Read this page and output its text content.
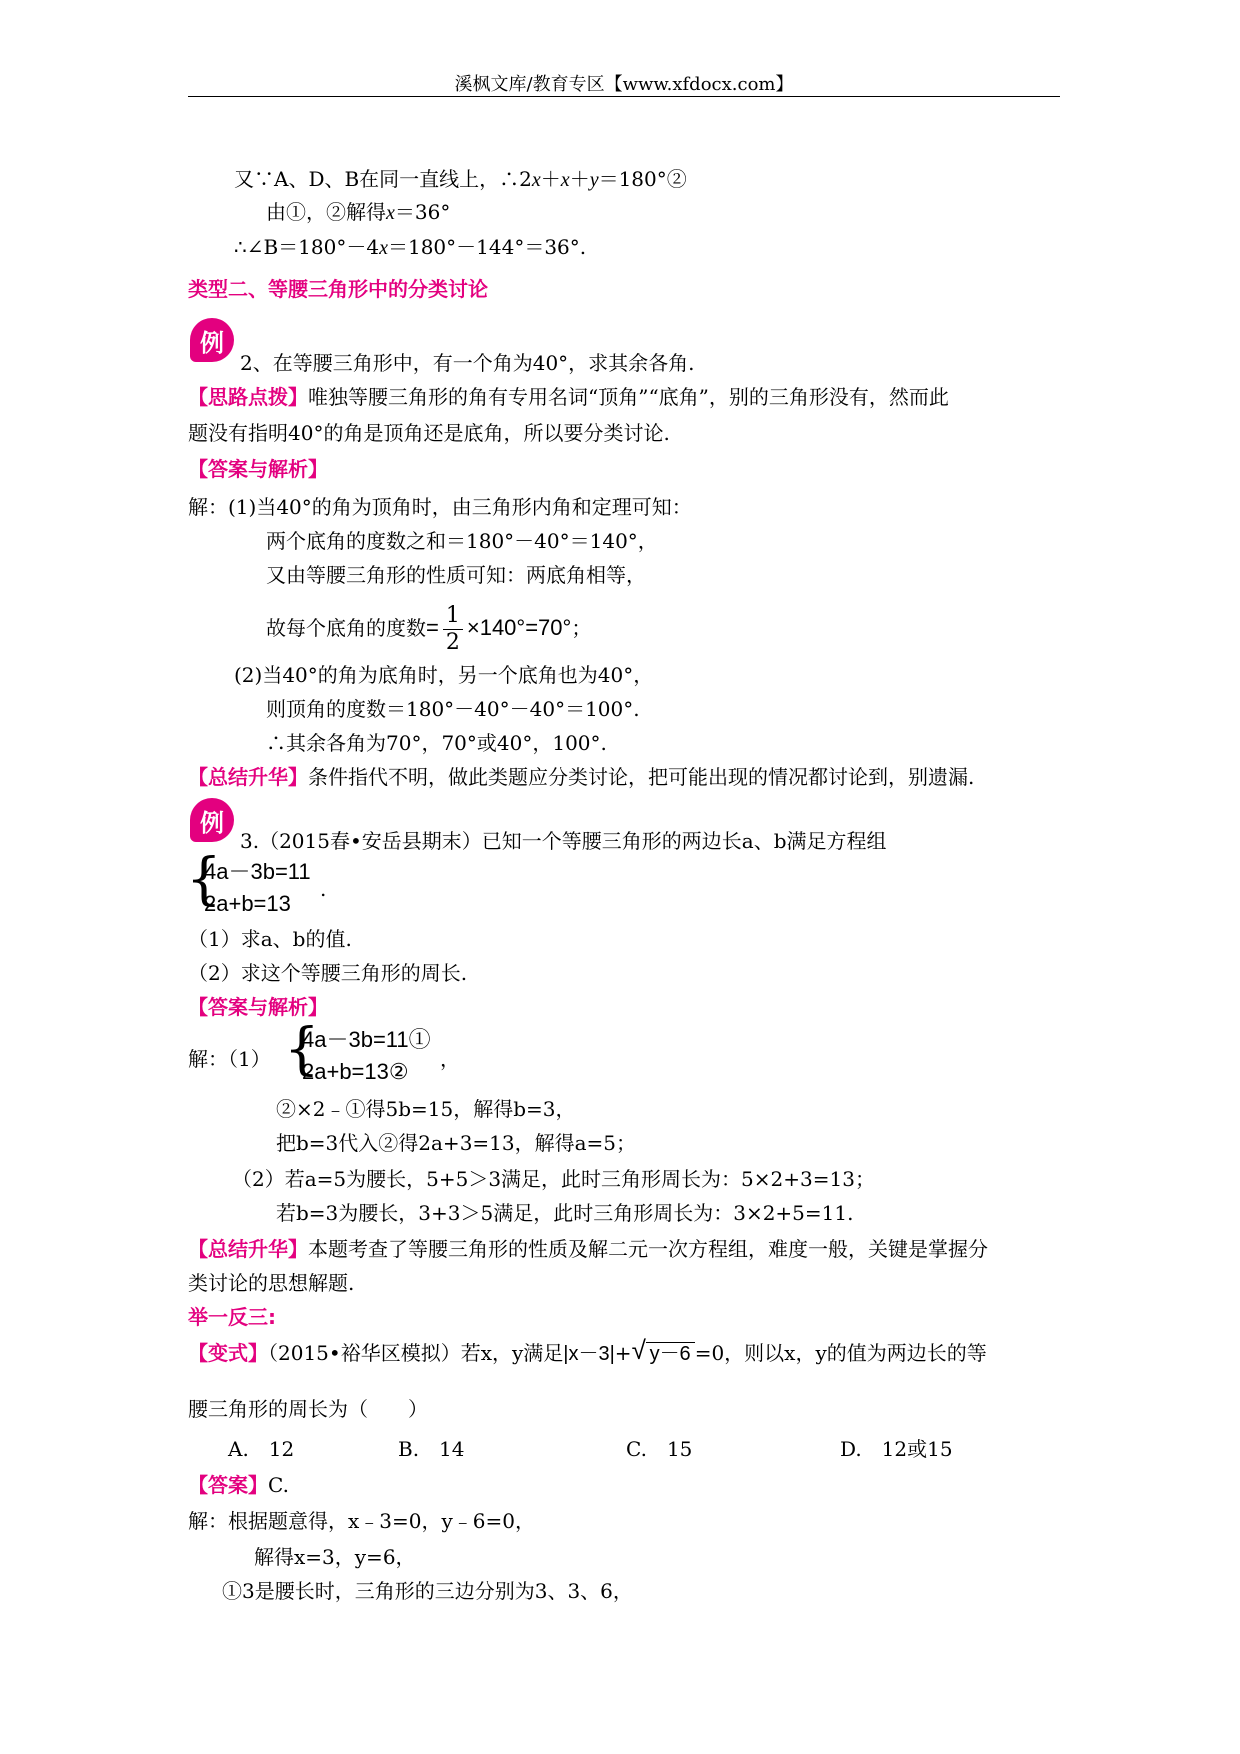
溪枫文库/教育专区【www.xfdocx.com】
又∵A、D、B在同一直线上，∴2x＋x＋y＝180°②
由①，②解得x＝36°
∴∠B＝180°－4x＝180°－144°＝36°.
类型二、等腰三角形中的分类讨论
例
2、在等腰三角形中，有一个角为40°，求其余各角.
【思路点拨】唯独等腰三角形的角有专用名词“顶角”“底角”，别的三角形没有，然而此
题没有指明40°的角是顶角还是底角，所以要分类讨论.
【答案与解析】
解：(1)当40°的角为顶角时，由三角形内角和定理可知：
两个底角的度数之和＝180°－40°＝140°，
又由等腰三角形的性质可知：两底角相等，
故每个底角的度数= $\frac{1}{2} \times 140^\circ=70^\circ$；
(2)当40°的角为底角时，另一个底角也为40°，
则顶角的度数＝180°－40°－40°＝100°.
∴其余各角为70°，70°或40°，100°.
【总结升华】条件指代不明，做此类题应分类讨论，把可能出现的情况都讨论到，别遗漏.
例
3.（2015春•安岳县期末）已知一个等腰三角形的两边长a、b满足方程组
{
4a－3b=11
2a+b=13
.
（1）求a、b的值.
（2）求这个等腰三角形的周长.
【答案与解析】
解：（1） {
4a－3b=11①
2a+b=13②	，
②×2﹣①得5b=15，解得b=3，
把b=3代入②得2a+3=13，解得a=5；
（2）若a=5为腰长，5+5＞3满足，此时三角形周长为：5×2+3=13；
若b=3为腰长，3+3＞5满足，此时三角形周长为：3×2+5=11.
【总结升华】本题考查了等腰三角形的性质及解二元一次方程组，难度一般，关键是掌握分
类讨论的思想解题.
举一反三:
【变式】（2015•裕华区模拟）若x，y满足|x－3|+ √ y－6 =0，则以x，y的值为两边长的等
腰三角形的周长为（　　）
A.　12	B.　14	C.　15	D.　12或15
【答案】C.
解：根据题意得，x﹣3=0，y﹣6=0，
解得x=3，y=6，
①3是腰长时，三角形的三边分别为3、3、6，
